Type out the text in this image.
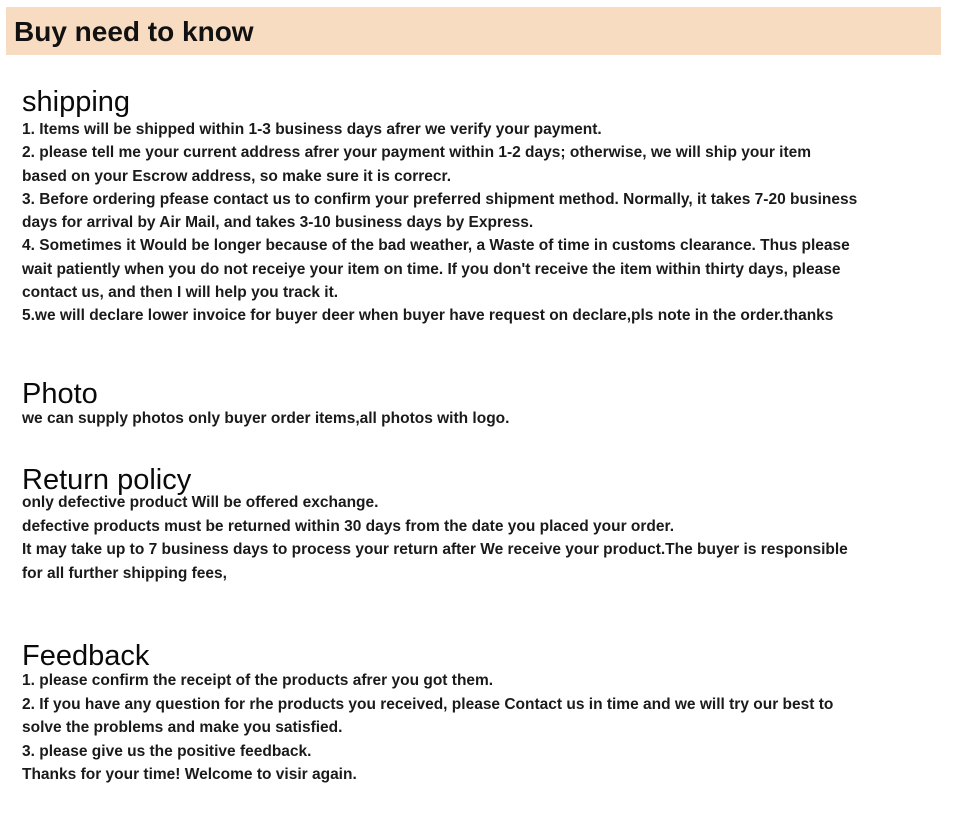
Buy need to know
shipping

1. Items will be shipped within 1-3 business days afrer we verify your payment.

2. please tell me your current address afrer your payment within 1-2 days; otherwise, we will ship your item

based on your Escrow address, so make sure it is correcr.

3. Before ordering pfease contact us to confirm your preferred shipment method. Normally, it takes 7-20 business

days for arrival by Air Mail, and takes 3-10 business days by Express.

4. Sometimes it Would be longer because of the bad weather, a Waste of time in customs clearance. Thus please

wait patiently when you do not receiye your item on time. If you don't receive the item within thirty days, please

contact us, and then I will help you track it.

5.we will declare lower invoice for buyer deer when buyer have request on declare,pls note in the order.thanks

Photo

we can supply photos only buyer order items,all photos with logo.

Return policy

only defective product Will be offered exchange.

defective products must be returned within 30 days from the date you placed your order.

It may take up to 7 business days to process your return after We receive your product.The buyer is responsible

for all further shipping fees,

Feedback

1. please confirm the receipt of the products afrer you got them.

2. If you have any question for rhe products you received, please Contact us in time and we will try our best to

solve the problems and make you satisfied.

3. please give us the positive feedback.

Thanks for your time! Welcome to visir again.
